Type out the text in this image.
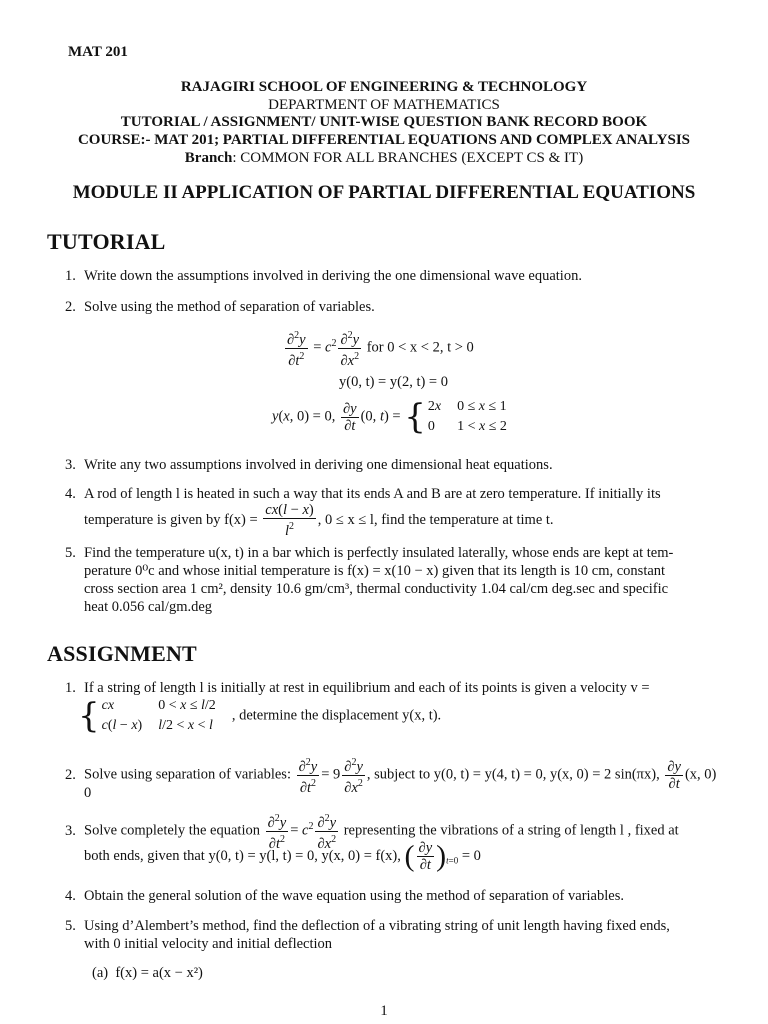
MAT 201
RAJAGIRI SCHOOL OF ENGINEERING & TECHNOLOGY
DEPARTMENT OF MATHEMATICS
TUTORIAL / ASSIGNMENT/ UNIT-WISE QUESTION BANK RECORD BOOK
COURSE:- MAT 201; PARTIAL DIFFERENTIAL EQUATIONS AND COMPLEX ANALYSIS
Branch: COMMON FOR ALL BRANCHES (EXCEPT CS & IT)
MODULE II APPLICATION OF PARTIAL DIFFERENTIAL EQUATIONS
TUTORIAL
1. Write down the assumptions involved in deriving the one dimensional wave equation.
2. Solve using the method of separation of variables.
$\frac{\partial^2y}{\partial t^2} = c^2 \frac{\partial^2y}{\partial x^2}$ for 0 < x < 2, t > 0
y(0, t) = y(2, t) = 0
y(x, 0) = 0, $\frac{\partial y}{\partial t} (0$, t) = { 2x	0 ≤ x ≤ 1
0	1 < x ≤ 2
3. Write any two assumptions involved in deriving one dimensional heat equations.
4. A rod of length l is heated in such a way that its ends A and B are at zero temperature. If initially its
temperature is given by $f(x) = \frac{cx(l - x)}{l^2}$ , 0 ≤ x ≤ l, find the temperature at time t.
5. Find the temperature u(x, t) in a bar which is perfectly insulated laterally, whose ends are kept at tem-
perature 0⁰c and whose initial temperature is f(x) = x(10 − x) given that its length is 10 cm, constant
cross section area 1 cm², density 10.6 gm/cm³, thermal conductivity 1.04 cal/cm deg.sec and specific
heat 0.056 cal/gm.deg
ASSIGNMENT
1. If a string of length l is initially at rest in equilibrium and each of its points is given a velocity v =
{ cx	0 < x ≤ l/2
c(l − x)	l/2 < x < l, determine the displacement y(x, t).
2. Solve using separation of variables: $\frac{\partial^2y}{\partial t^2} = 9 \frac{\partial^2y}{\partial x^2}$ , subject to y(0, t) = y(4, t) = 0, y(x, 0) = 2 sin(πx), $\frac{\partial y}{\partial t} (x$, 0)
0
3. Solve completely the equation $\frac{\partial^2y}{\partial t^2} = c^2 \frac{\partial^2y}{\partial x^2}$ representing the vibrations of a string of length l , fixed at
both ends, given that y(0, t) = y(l, t) = 0, y(x, 0) = f(x), ( $\frac{\partial y}{\partial t} )_{t=0} = 0$
4. Obtain the general solution of the wave equation using the method of separation of variables.
5. Using d’Alembert’s method, find the deflection of a vibrating string of unit length having fixed ends,
with 0 initial velocity and initial deflection
(a) f(x) = a(x − x²)
1
